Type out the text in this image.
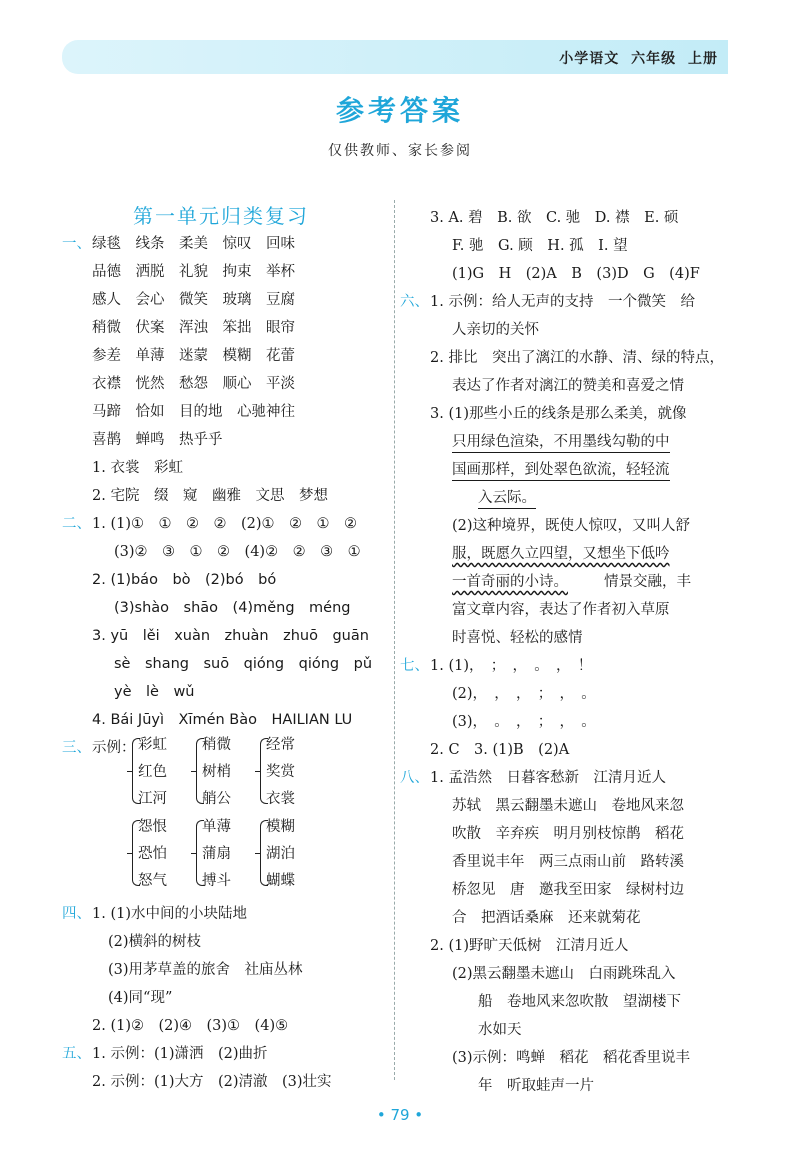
小学语文 六年级 上册
参考答案
仅供教师、家长参阅
第一单元归类复习
一、 绿毯　线条　柔美　惊叹　回味
品德　洒脱　礼貌　拘束　举杯
感人　会心　微笑　玻璃　豆腐
稍微　伏案　浑浊　笨拙　眼帘
参差　单薄　迷蒙　模糊　花蕾
衣襟　恍然　愁怨　顺心　平淡
马蹄　恰如　目的地　心驰神往
喜鹊　蝉鸣　热乎乎
1. 衣裳　彩虹
2. 宅院　缀　窥　幽雅　文思　梦想
二、 1. (1)①　①　②　②　(2)①　②　①　②
(3)②　③　①　②　(4)②　②　③　①
2. (1)báo　bò　(2)bó　bó
(3)shào　shāo　(4)měng　méng
3. yū　lěi　xuàn　zhuàn　zhuō　guān
sè　shang　suō　qióng　qióng　pǔ
yè　lè　wǔ
4. Bái Jūyì　Xīmén Bào　HAILIAN LU
三、 示例： 彩虹
红色
江河
稍微
树梢
艄公
经常
奖赏
衣裳
怨恨
恐怕
怒气
单薄
蒲扇
搏斗
模糊
湖泊
蝴蝶
四、 1. (1)水中间的小块陆地
(2)横斜的树枝
(3)用茅草盖的旅舍　社庙丛林
(4)同“现”
2. (1)②　(2)④　(3)①　(4)⑤
五、 1. 示例：(1)潇洒　(2)曲折
2. 示例：(1)大方　(2)清澈　(3)壮实
3. A. 碧　B. 欲　C. 驰　D. 襟　E. 硕
F. 驰　G. 顾　H. 孤　I. 望
(1)G　H　(2)A　B　(3)D　G　(4)F
六、 1. 示例：给人无声的支持　一个微笑　给
人亲切的关怀
2. 排比　突出了漓江的水静、清、绿的特点，
表达了作者对漓江的赞美和喜爱之情
3. (1)那些小丘的线条是那么柔美，就像
只用绿色渲染，不用墨线勾勒的中
国画那样，到处翠色欲流，轻轻流
入云际。
(2)这种境界，既使人惊叹，又叫人舒
服，既愿久立四望，又想坐下低吟
一首奇丽的小诗。 情景交融，丰
富文章内容，表达了作者初入草原
时喜悦、轻松的感情
七、 1. (1)，　；　，　。　，　！
(2)，　，　，　；　，　。
(3)，　。　，　；　，　。
2. C　3. (1)B　(2)A
八、 1. 孟浩然　日暮客愁新　江清月近人
苏轼　黑云翻墨未遮山　卷地风来忽
吹散　辛弃疾　明月别枝惊鹊　稻花
香里说丰年　两三点雨山前　路转溪
桥忽见　唐　邀我至田家　绿树村边
合　把酒话桑麻　还来就菊花
2. (1)野旷天低树　江清月近人
(2)黑云翻墨未遮山　白雨跳珠乱入
船　卷地风来忽吹散　望湖楼下
水如天
(3)示例：鸣蝉　稻花　稻花香里说丰
年　听取蛙声一片
• 79 •
